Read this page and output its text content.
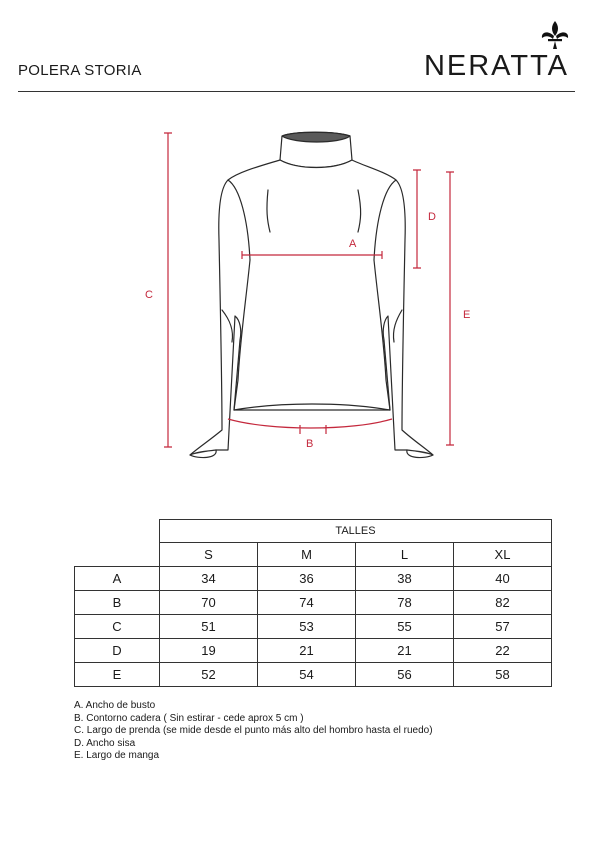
POLERA STORIA	NERATTA
A
B
C
D
E
	TALLES			
	S	M	L	XL
A	34	36	38	40
B	70	74	78	82
C	51	53	55	57
D	19	21	21	22
E	52	54	56	58
A. Ancho de busto
B. Contorno cadera ( Sin estirar - cede aprox 5 cm )
C. Largo de prenda (se mide desde el punto más alto del hombro hasta el ruedo)
D. Ancho sisa
E. Largo de manga
